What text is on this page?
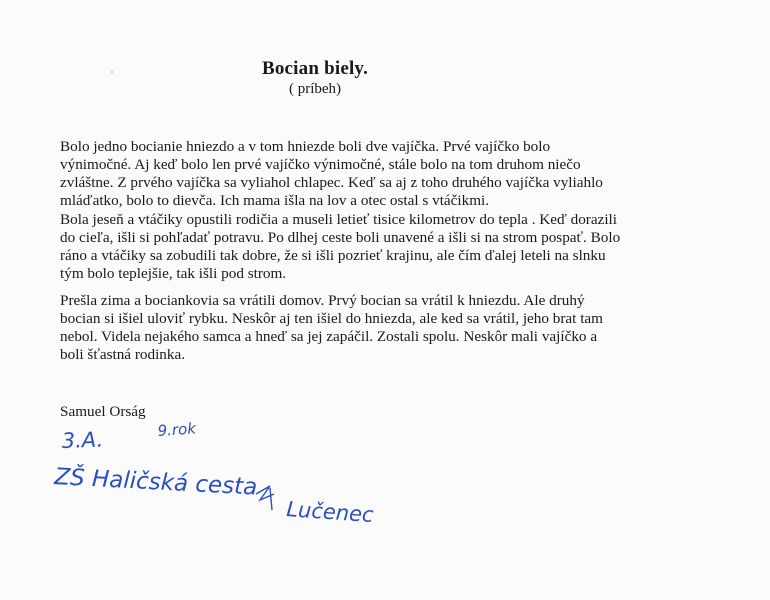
Bocian biely.
( príbeh)

Bolo jedno bocianie hniezdo a v tom hniezde boli dve vajíčka. Prvé vajíčko bolo
výnimočné. Aj keď bolo len prvé vajíčko výnimočné, stále bolo na tom druhom niečo
zvláštne. Z prvého vajíčka sa vyliahol chlapec. Keď sa aj z toho druhého vajíčka vyliahlo
mláďatko, bolo to dievča. Ich mama išla na lov a otec ostal s vtáčikmi.

Bola jeseň a vtáčiky opustili rodičia a museli letieť tisice kilometrov do tepla . Keď dorazili
do cieľa, išli si pohľadať potravu. Po dlhej ceste boli unavené a išli si na strom pospať. Bolo
ráno a vtáčiky sa zobudili tak dobre, že si išli pozrieť krajinu, ale čím ďalej leteli na slnku
tým bolo teplejšie, tak išli pod strom.

Prešla zima a bociankovia sa vrátili domov. Prvý bocian sa vrátil k hniezdu. Ale druhý
bocian si išiel uloviť rybku. Neskôr aj ten išiel do hniezda, ale ked sa vrátil, jeho brat tam
nebol. Videla nejakého samca a hneď sa jej zapáčil. Zostali spolu. Neskôr mali vajíčko a
boli šťastná rodinka.

Samuel Orság
3.A.	9.rok
ZŠ Haličská cesta
Lučenec
